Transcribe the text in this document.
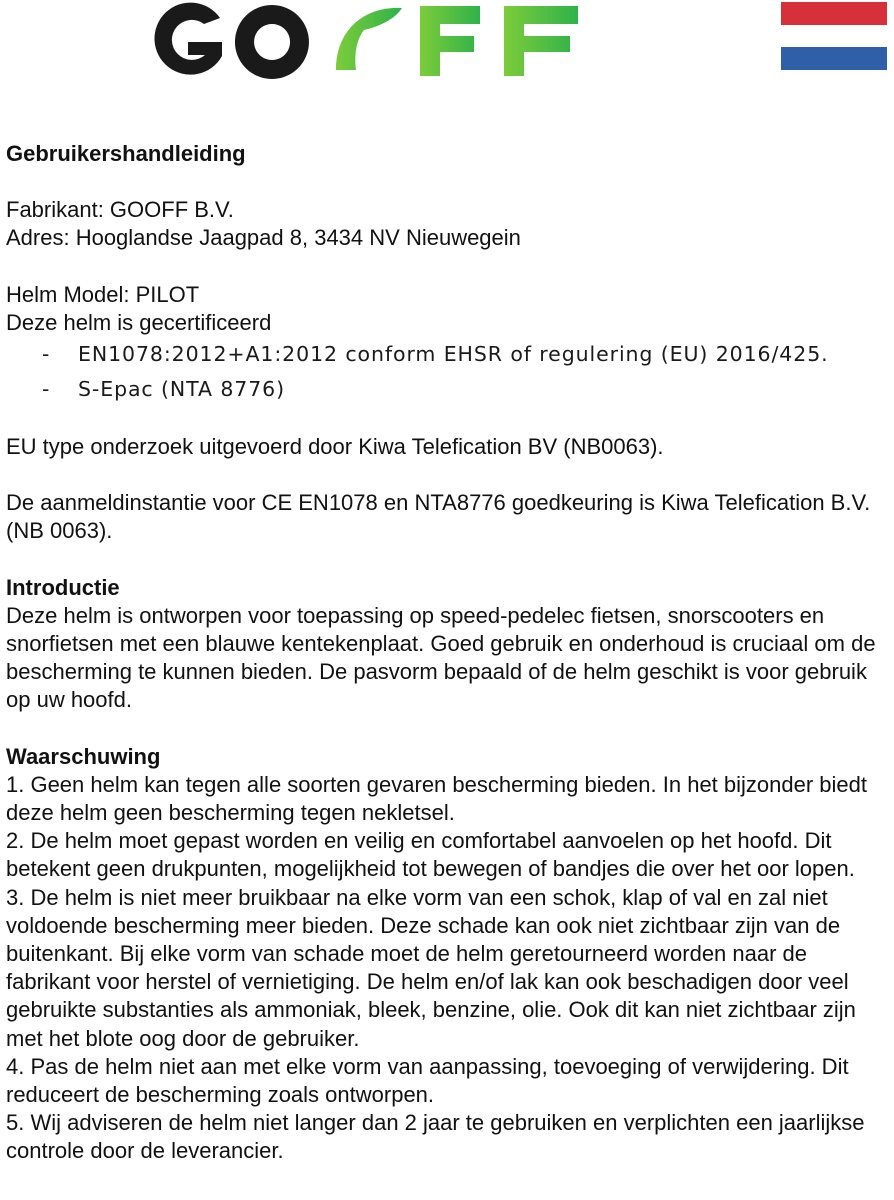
Gebruikershandleiding

Fabrikant: GOOFF B.V.

Adres: Hooglandse Jaagpad 8, 3434 NV Nieuwegein

Helm Model: PILOT

Deze helm is gecertificeerd

- EN1078:2012+A1:2012 conform EHSR of regulering (EU) 2016/425.
- S-Epac (NTA 8776)

EU type onderzoek uitgevoerd door Kiwa Telefication BV (NB0063).

De aanmeldinstantie voor CE EN1078 en NTA8776 goedkeuring is Kiwa Telefication B.V. (NB 0063).

Introductie

Deze helm is ontworpen voor toepassing op speed-pedelec fietsen, snorscooters en snorfietsen met een blauwe kentekenplaat. Goed gebruik en onderhoud is cruciaal om de bescherming te kunnen bieden. De pasvorm bepaald of de helm geschikt is voor gebruik op uw hoofd.

Waarschuwing

1. Geen helm kan tegen alle soorten gevaren bescherming bieden. In het bijzonder biedt deze helm geen bescherming tegen nekletsel.

2. De helm moet gepast worden en veilig en comfortabel aanvoelen op het hoofd. Dit betekent geen drukpunten, mogelijkheid tot bewegen of bandjes die over het oor lopen.

3. De helm is niet meer bruikbaar na elke vorm van een schok, klap of val en zal niet voldoende bescherming meer bieden. Deze schade kan ook niet zichtbaar zijn van de buitenkant. Bij elke vorm van schade moet de helm geretourneerd worden naar de fabrikant voor herstel of vernietiging. De helm en/of lak kan ook beschadigen door veel gebruikte substanties als ammoniak, bleek, benzine, olie. Ook dit kan niet zichtbaar zijn met het blote oog door de gebruiker.

4. Pas de helm niet aan met elke vorm van aanpassing, toevoeging of verwijdering. Dit reduceert de bescherming zoals ontworpen.

5. Wij adviseren de helm niet langer dan 2 jaar te gebruiken en verplichten een jaarlijkse controle door de leverancier.
